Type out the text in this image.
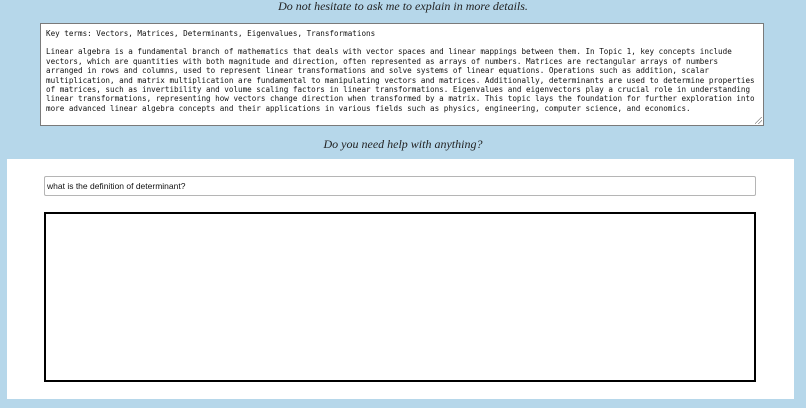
Do not hesitate to ask me to explain in more details.
Key terms: Vectors, Matrices, Determinants, Eigenvalues, Transformations
Linear algebra is a fundamental branch of mathematics that deals with vector spaces and linear mappings between them. In Topic 1, key concepts include vectors, which are quantities with both magnitude and direction, often represented as arrays of numbers. Matrices are rectangular arrays of numbers arranged in rows and columns, used to represent linear transformations and solve systems of linear equations. Operations such as addition, scalar multiplication, and matrix multiplication are fundamental to manipulating vectors and matrices. Additionally, determinants are used to determine properties of matrices, such as invertibility and volume scaling factors in linear transformations. Eigenvalues and eigenvectors play a crucial role in understanding linear transformations, representing how vectors change direction when transformed by a matrix. This topic lays the foundation for further exploration into more advanced linear algebra concepts and their applications in various fields such as physics, engineering, computer science, and economics.
Do you need help with anything?
what is the definition of determinant?
